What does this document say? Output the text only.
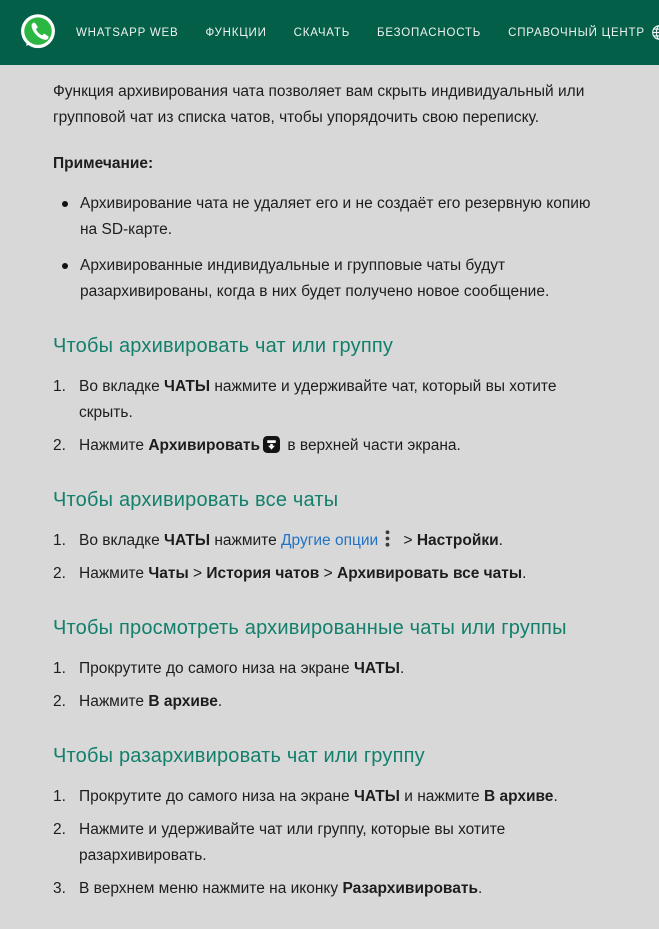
WHATSAPP WEB ФУНКЦИИ СКАЧАТЬ БЕЗОПАСНОСТЬ СПРАВОЧНЫЙ ЦЕНТР

Функция архивирования чата позволяет вам скрыть индивидуальный или групповой чат из списка чатов, чтобы упорядочить свою переписку.

Примечание:

Архивирование чата не удаляет его и не создаёт его резервную копию на SD-карте.
Архивированные индивидуальные и групповые чаты будут разархивированы, когда в них будет получено новое сообщение.
Чтобы архивировать чат или группу
1. Во вкладке ЧАТЫ нажмите и удерживайте чат, который вы хотите скрыть.
2. Нажмите Архивировать в верхней части экрана.
Чтобы архивировать все чаты
1. Во вкладке ЧАТЫ нажмите Другие опции > Настройки.
2. Нажмите Чаты > История чатов > Архивировать все чаты.
Чтобы просмотреть архивированные чаты или группы
1. Прокрутите до самого низа на экране ЧАТЫ.
2. Нажмите В архиве.
Чтобы разархивировать чат или группу
1. Прокрутите до самого низа на экране ЧАТЫ и нажмите В архиве.
2. Нажмите и удерживайте чат или группу, которые вы хотите разархивировать.
3. В верхнем меню нажмите на иконку Разархивировать.
